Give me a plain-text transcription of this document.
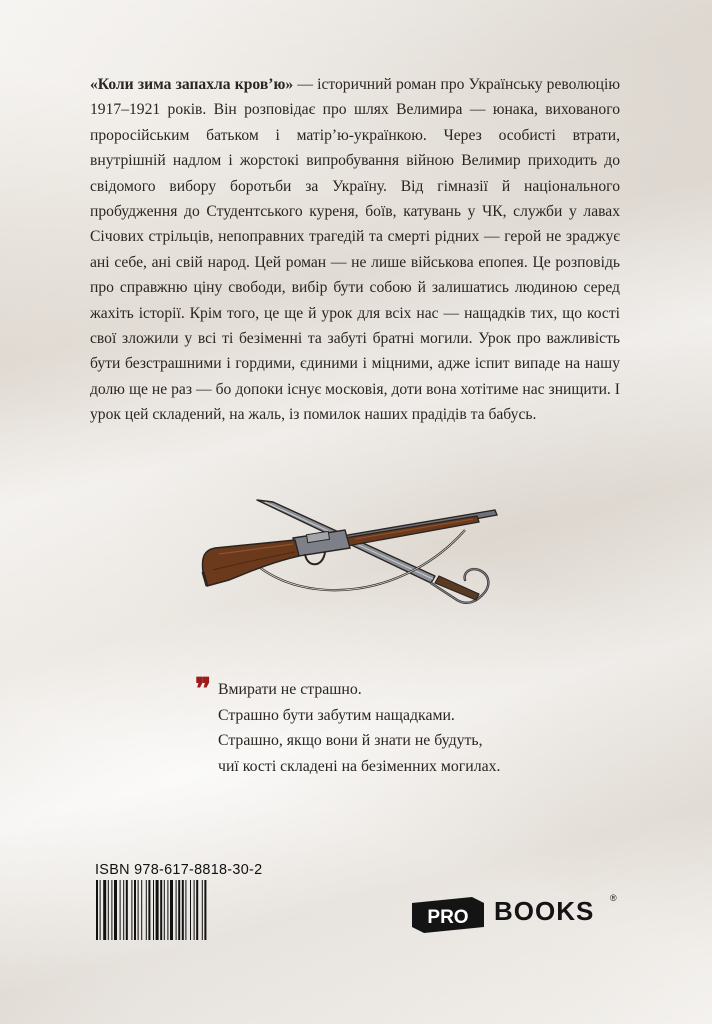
«Коли зима запахла кров’ю» — історичний роман про Українську революцію 1917–1921 років. Він розповідає про шлях Велимира — юнака, вихованого проросійським батьком і матір’ю-українкою. Через особисті втрати, внутрішній надлом і жорстокі випробування війною Велимир приходить до свідомого вибору боротьби за Україну. Від гімназії й національного пробудження до Студентського куреня, боїв, катувань у ЧК, служби у лавах Січових стрільців, непоправних трагедій та смерті рідних — герой не зраджує ані себе, ані свій народ. Цей роман — не лише військова епопея. Це розповідь про справжню ціну свободи, вибір бути собою й залишатись людиною серед жахіть історії. Крім того, це ще й урок для всіх нас — нащадків тих, що кості свої зложили у всі ті безіменні та забуті братні могили. Урок про важливість бути безстрашними і гордими, єдиними і міцними, адже іспит випаде на нашу долю ще не раз — бо допоки існує московія, доти вона хотітиме нас знищити. І урок цей складений, на жаль, із помилок наших прадідів та бабусь.
❞ Вмирати не страшно.
Страшно бути забутим нащадками.
Страшно, якщо вони й знати не будуть,
чиї кості складені на безіменних могилах.
ISBN 978-617-8818-30-2
PRO BOOKS ®
